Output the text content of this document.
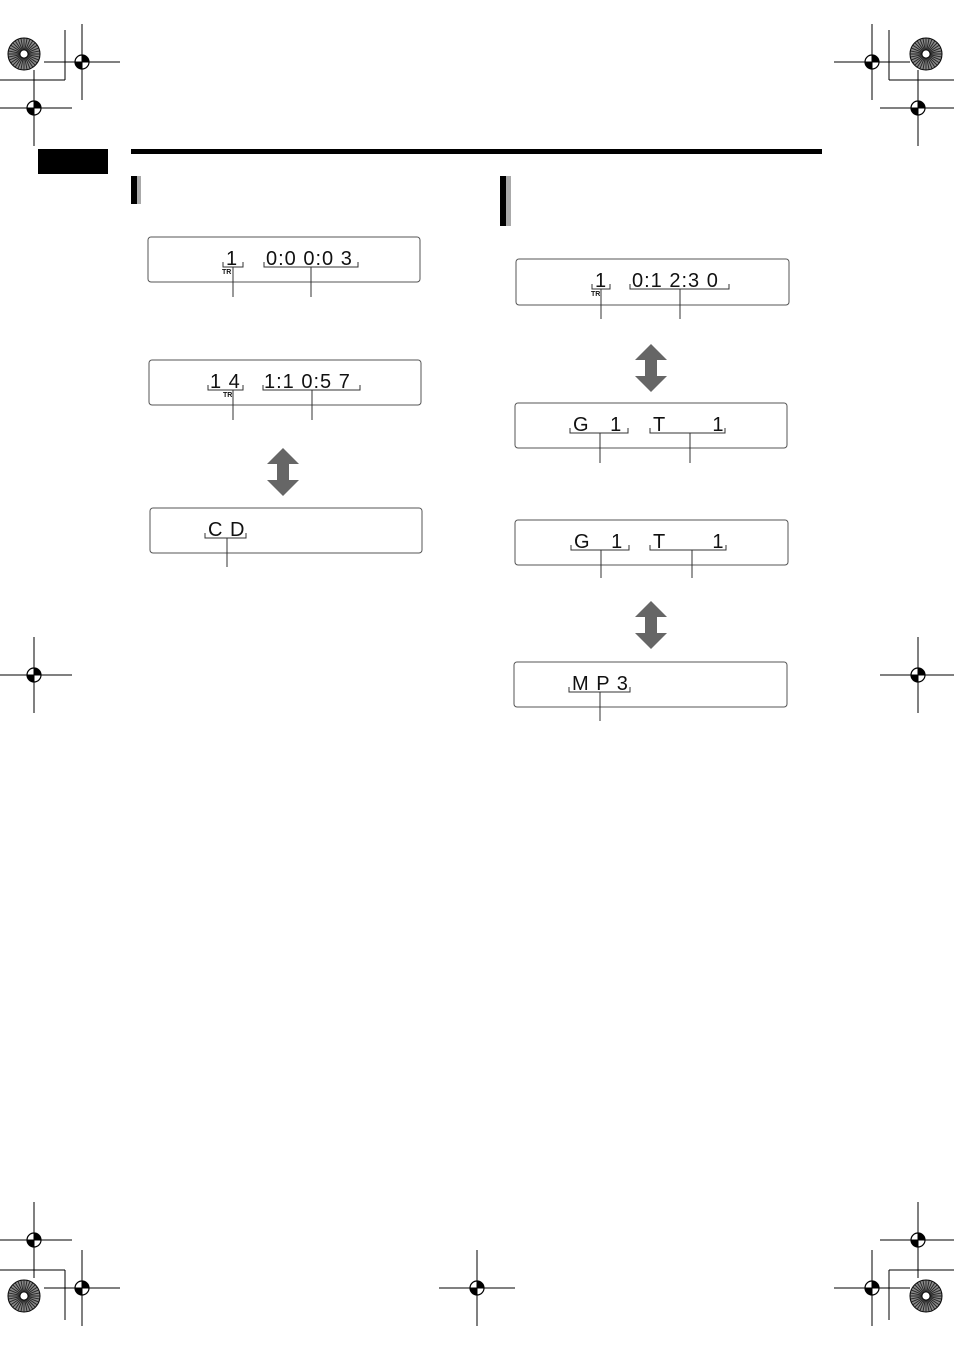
1
TR
0:0 0:0 3
1 4
TR
1:1 0:5 7
C D
1
TR
0:1 2:3 0
G 1 T 1
G 1 T 1
M P 3
